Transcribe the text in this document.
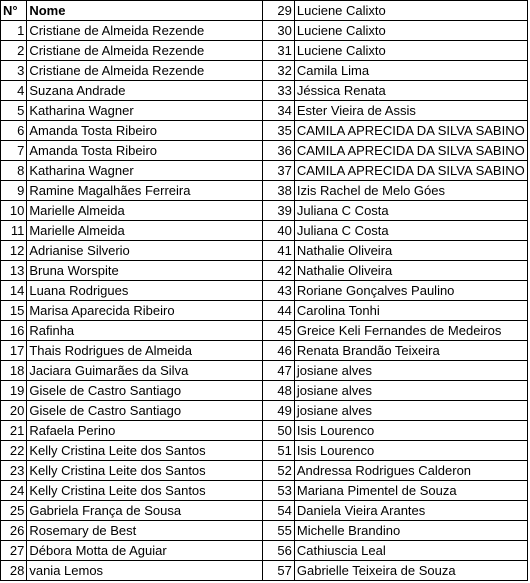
N°	Nome	29	Luciene Calixto
1	Cristiane de Almeida Rezende	30	Luciene Calixto
2	Cristiane de Almeida Rezende	31	Luciene Calixto
3	Cristiane de Almeida Rezende	32	Camila Lima
4	Suzana Andrade	33	Jéssica Renata
5	Katharina Wagner	34	Ester Vieira de Assis
6	Amanda Tosta Ribeiro	35	CAMILA APRECIDA DA SILVA SABINO
7	Amanda Tosta Ribeiro	36	CAMILA APRECIDA DA SILVA SABINO
8	Katharina Wagner	37	CAMILA APRECIDA DA SILVA SABINO
9	Ramine Magalhães Ferreira	38	Izis Rachel de Melo Góes
10	Marielle Almeida	39	Juliana C Costa
11	Marielle Almeida	40	Juliana C Costa
12	Adrianise Silverio	41	Nathalie Oliveira
13	Bruna Worspite	42	Nathalie Oliveira
14	Luana Rodrigues	43	Roriane Gonçalves Paulino
15	Marisa Aparecida Ribeiro	44	Carolina Tonhi
16	Rafinha	45	Greice Keli Fernandes de Medeiros
17	Thais Rodrigues de Almeida	46	Renata Brandão Teixeira
18	Jaciara Guimarães da Silva	47	josiane alves
19	Gisele de Castro Santiago	48	josiane alves
20	Gisele de Castro Santiago	49	josiane alves
21	Rafaela Perino	50	Isis Lourenco
22	Kelly Cristina Leite dos Santos	51	Isis Lourenco
23	Kelly Cristina Leite dos Santos	52	Andressa Rodrigues Calderon
24	Kelly Cristina Leite dos Santos	53	Mariana Pimentel de Souza
25	Gabriela França de Sousa	54	Daniela Vieira Arantes
26	Rosemary de Best	55	Michelle Brandino
27	Débora Motta de Aguiar	56	Cathiuscia Leal
28	vania Lemos	57	Gabrielle Teixeira de Souza
